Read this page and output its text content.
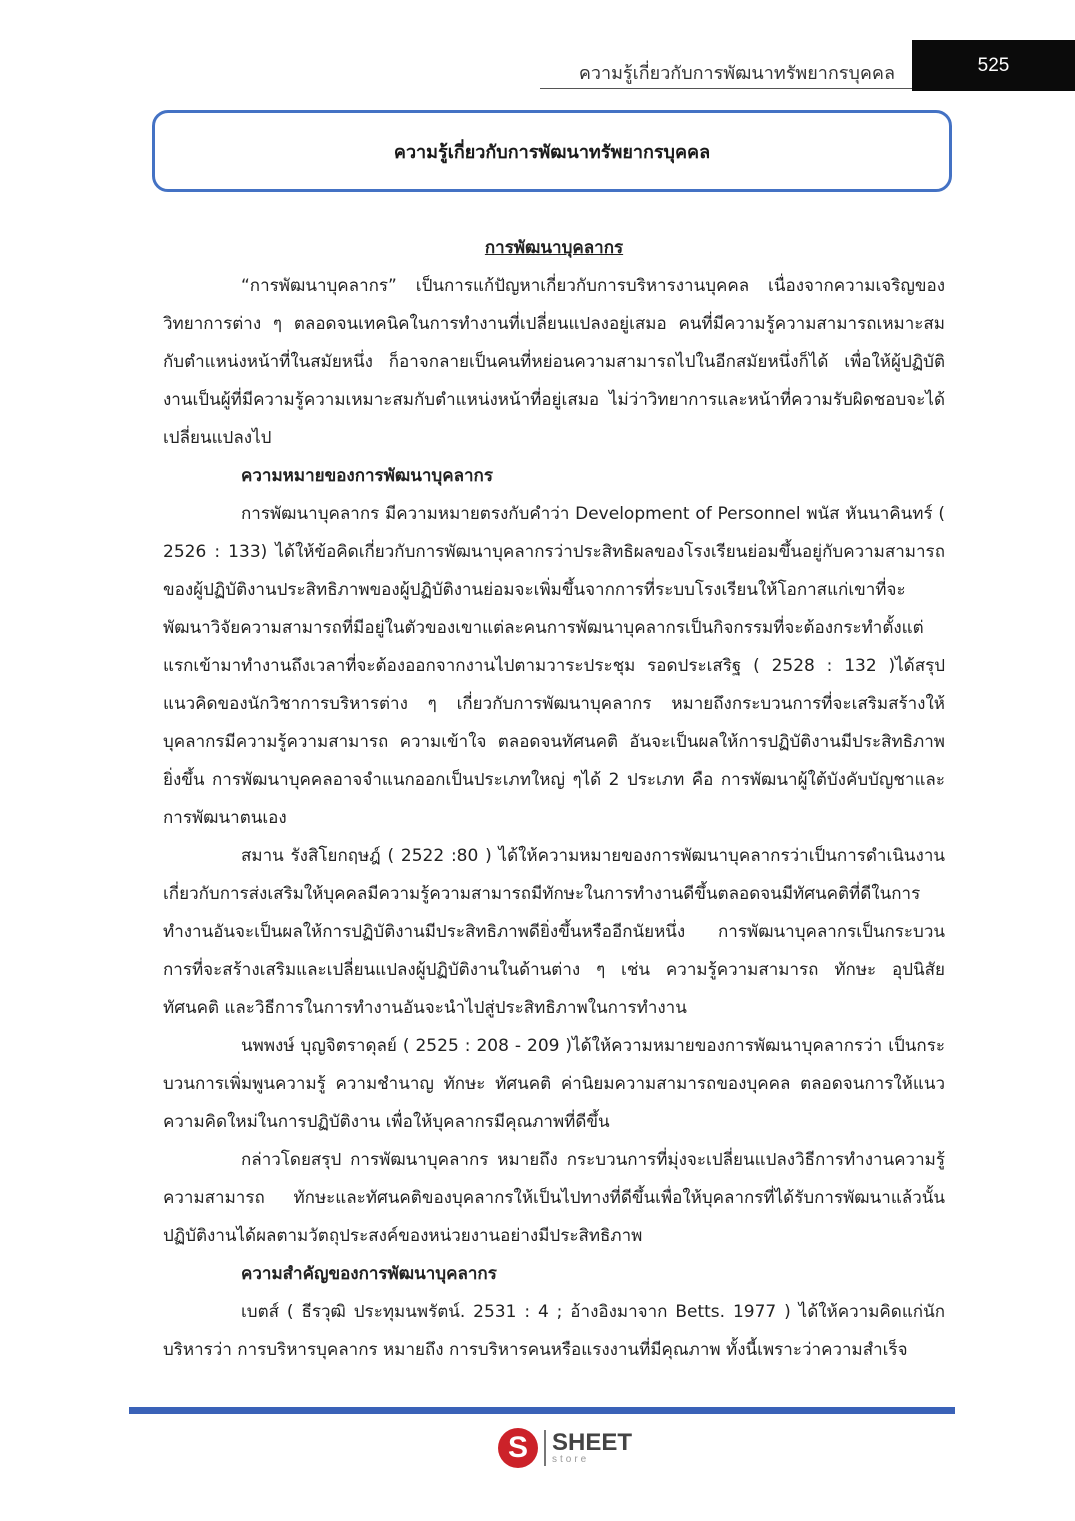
ความรู้เกี่ยวกับการพัฒนาทรัพยากรบุคคล	525
ความรู้เกี่ยวกับการพัฒนาทรัพยากรบุคคล

การพัฒนาบุคลากร

“การพัฒนาบุคลากร” เป็นการแก้ปัญหาเกี่ยวกับการบริหารงานบุคคล เนื่องจากความเจริญของวิทยาการต่าง ๆ ตลอดจนเทคนิคในการทำงานที่เปลี่ยนแปลงอยู่เสมอ คนที่มีความรู้ความสามารถเหมาะสมกับตำแหน่งหน้าที่ในสมัยหนึ่ง ก็อาจกลายเป็นคนที่หย่อนความสามารถไปในอีกสมัยหนึ่งก็ได้ เพื่อให้ผู้ปฏิบัติงานเป็นผู้ที่มีความรู้ความเหมาะสมกับตำแหน่งหน้าที่อยู่เสมอ ไม่ว่าวิทยาการและหน้าที่ความรับผิดชอบจะได้เปลี่ยนแปลงไป

ความหมายของการพัฒนาบุคลากร

การพัฒนาบุคลากร มีความหมายตรงกับคำว่า Development of Personnel พนัส หันนาคินทร์ ( 2526 : 133) ได้ให้ข้อคิดเกี่ยวกับการพัฒนาบุคลากรว่าประสิทธิผลของโรงเรียนย่อมขึ้นอยู่กับความสามารถของผู้ปฏิบัติงานประสิทธิภาพของผู้ปฏิบัติงานย่อมจะเพิ่มขึ้นจากการที่ระบบโรงเรียนให้โอกาสแก่เขาที่จะพัฒนาวิจัยความสามารถที่มีอยู่ในตัวของเขาแต่ละคนการพัฒนาบุคลากรเป็นกิจกรรมที่จะต้องกระทำตั้งแต่แรกเข้ามาทำงานถึงเวลาที่จะต้องออกจากงานไปตามวาระประชุม รอดประเสริฐ ( 2528 : 132 )ได้สรุปแนวคิดของนักวิชาการบริหารต่าง ๆ เกี่ยวกับการพัฒนาบุคลากร หมายถึงกระบวนการที่จะเสริมสร้างให้บุคลากรมีความรู้ความสามารถ ความเข้าใจ ตลอดจนทัศนคติ อันจะเป็นผลให้การปฏิบัติงานมีประสิทธิภาพยิ่งขึ้น การพัฒนาบุคคลอาจจำแนกออกเป็นประเภทใหญ่ ๆได้ 2 ประเภท คือ การพัฒนาผู้ใต้บังคับบัญชาและการพัฒนาตนเอง

สมาน รังสิโยกฤษฎ์ ( 2522 :80 ) ได้ให้ความหมายของการพัฒนาบุคลากรว่าเป็นการดำเนินงานเกี่ยวกับการส่งเสริมให้บุคคลมีความรู้ความสามารถมีทักษะในการทำงานดีขึ้นตลอดจนมีทัศนคติที่ดีในการทำงานอันจะเป็นผลให้การปฏิบัติงานมีประสิทธิภาพดียิ่งขึ้นหรืออีกนัยหนึ่ง การพัฒนาบุคลากรเป็นกระบวนการที่จะสร้างเสริมและเปลี่ยนแปลงผู้ปฏิบัติงานในด้านต่าง ๆ เช่น ความรู้ความสามารถ ทักษะ อุปนิสัย ทัศนคติ และวิธีการในการทำงานอันจะนำไปสู่ประสิทธิภาพในการทำงาน

นพพงษ์ บุญจิตราดุลย์ ( 2525 : 208 - 209 )ได้ให้ความหมายของการพัฒนาบุคลากรว่า เป็นกระบวนการเพิ่มพูนความรู้ ความชำนาญ ทักษะ ทัศนคติ ค่านิยมความสามารถของบุคคล ตลอดจนการให้แนวความคิดใหม่ในการปฏิบัติงาน เพื่อให้บุคลากรมีคุณภาพที่ดีขึ้น

กล่าวโดยสรุป การพัฒนาบุคลากร หมายถึง กระบวนการที่มุ่งจะเปลี่ยนแปลงวิธีการทำงานความรู้ความสามารถ ทักษะและทัศนคติของบุคลากรให้เป็นไปทางที่ดีขึ้นเพื่อให้บุคลากรที่ได้รับการพัฒนาแล้วนั้นปฏิบัติงานได้ผลตามวัตถุประสงค์ของหน่วยงานอย่างมีประสิทธิภาพ

ความสำคัญของการพัฒนาบุคลากร

เบตส์ ( ธีรวุฒิ ประทุมนพรัตน์. 2531 : 4 ; อ้างอิงมาจาก Betts. 1977 ) ได้ให้ความคิดแก่นักบริหารว่า การบริหารบุคลากร หมายถึง การบริหารคนหรือแรงงานที่มีคุณภาพ ทั้งนี้เพราะว่าความสำเร็จ

S	SHEET
store
